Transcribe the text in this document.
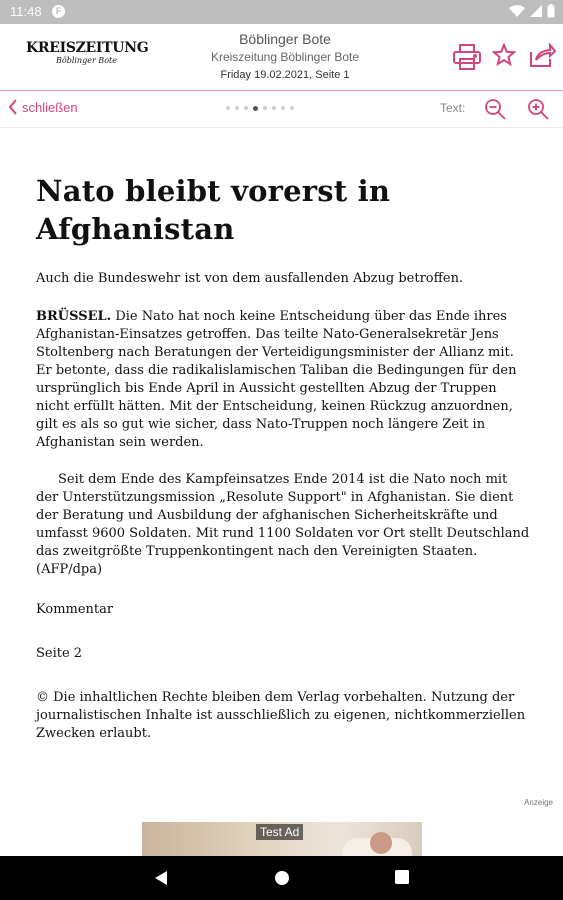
11:48	F
KREISZEITUNG
Böblinger Bote
Böblinger Bote
Kreiszeitung Böblinger Bote
Friday 19.02.2021, Seite 1
schließen	Text:
Nato bleibt vorerst in Afghanistan

Auch die Bundeswehr ist von dem ausfallenden Abzug betroffen.

BRÜSSEL. Die Nato hat noch keine Entscheidung über das Ende ihres Afghanistan-Einsatzes getroffen. Das teilte Nato-Generalsekretär Jens Stoltenberg nach Beratungen der Verteidigungsminister der Allianz mit. Er betonte, dass die radikalislamischen Taliban die Bedingungen für den ursprünglich bis Ende April in Aussicht gestellten Abzug der Truppen nicht erfüllt hätten. Mit der Entscheidung, keinen Rückzug anzuordnen, gilt es als so gut wie sicher, dass Nato-Truppen noch längere Zeit in Afghanistan sein werden.

Seit dem Ende des Kampfeinsatzes Ende 2014 ist die Nato noch mit der Unterstützungsmission „Resolute Support" in Afghanistan. Sie dient der Beratung und Ausbildung der afghanischen Sicherheitskräfte und umfasst 9600 Soldaten. Mit rund 1100 Soldaten vor Ort stellt Deutschland das zweitgrößte Truppenkontingent nach den Vereinigten Staaten. (AFP/dpa)

Kommentar

Seite 2

© Die inhaltlichen Rechte bleiben dem Verlag vorbehalten. Nutzung der journalistischen Inhalte ist ausschließlich zu eigenen, nichtkommerziellen Zwecken erlaubt.

Anzeige
Test Ad
